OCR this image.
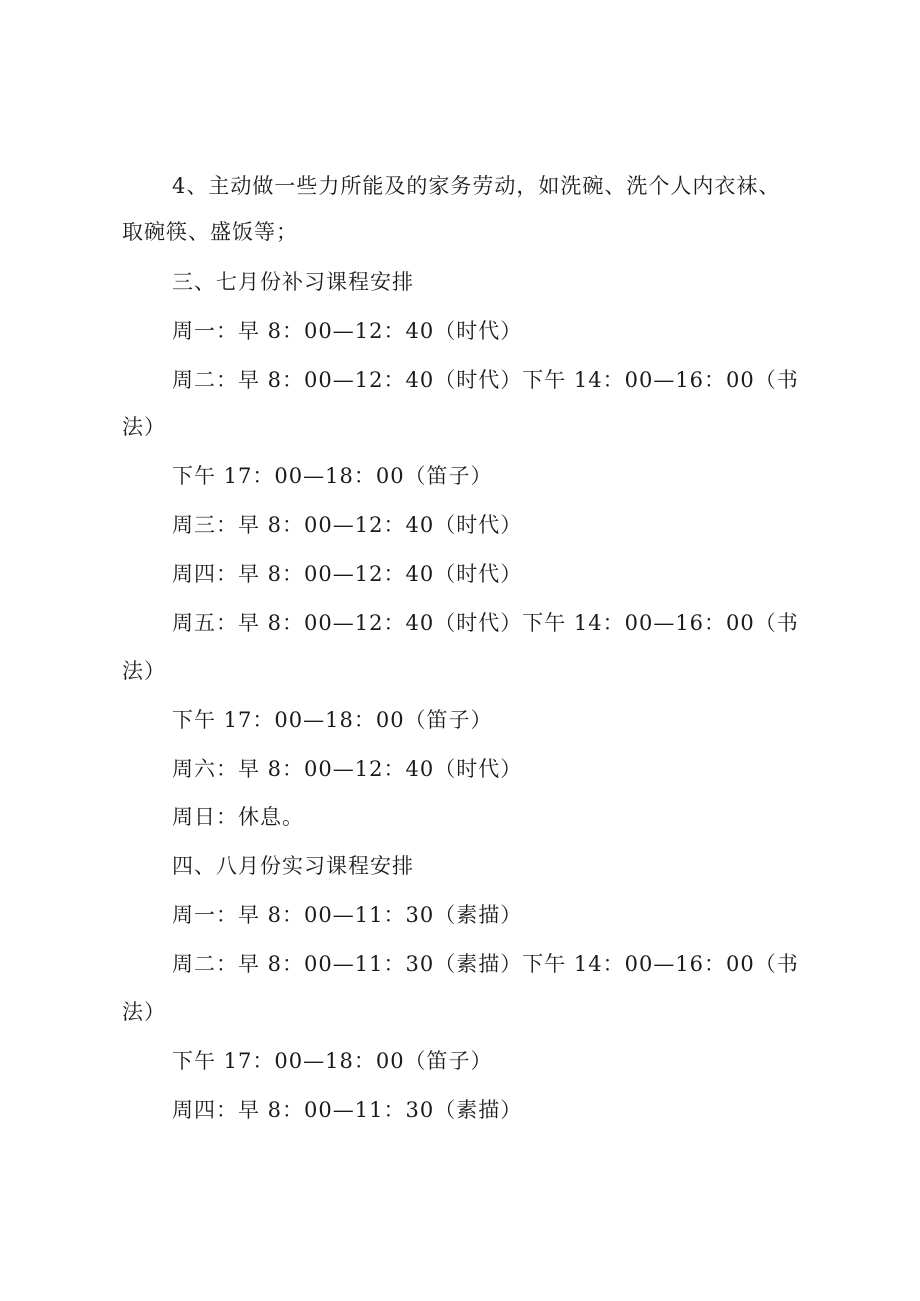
4、主动做一些力所能及的家务劳动，如洗碗、洗个人内衣袜、
取碗筷、盛饭等；
三、七月份补习课程安排
周一：早 8：00—12：40（时代）
周二：早 8：00—12：40（时代）下午 14：00—16：00（书
法）
下午 17：00—18：00（笛子）
周三：早 8：00—12：40（时代）
周四：早 8：00—12：40（时代）
周五：早 8：00—12：40（时代）下午 14：00—16：00（书
法）
下午 17：00—18：00（笛子）
周六：早 8：00—12：40（时代）
周日：休息。
四、八月份实习课程安排
周一：早 8：00—11：30（素描）
周二：早 8：00—11：30（素描）下午 14：00—16：00（书
法）
下午 17：00—18：00（笛子）
周四：早 8：00—11：30（素描）
